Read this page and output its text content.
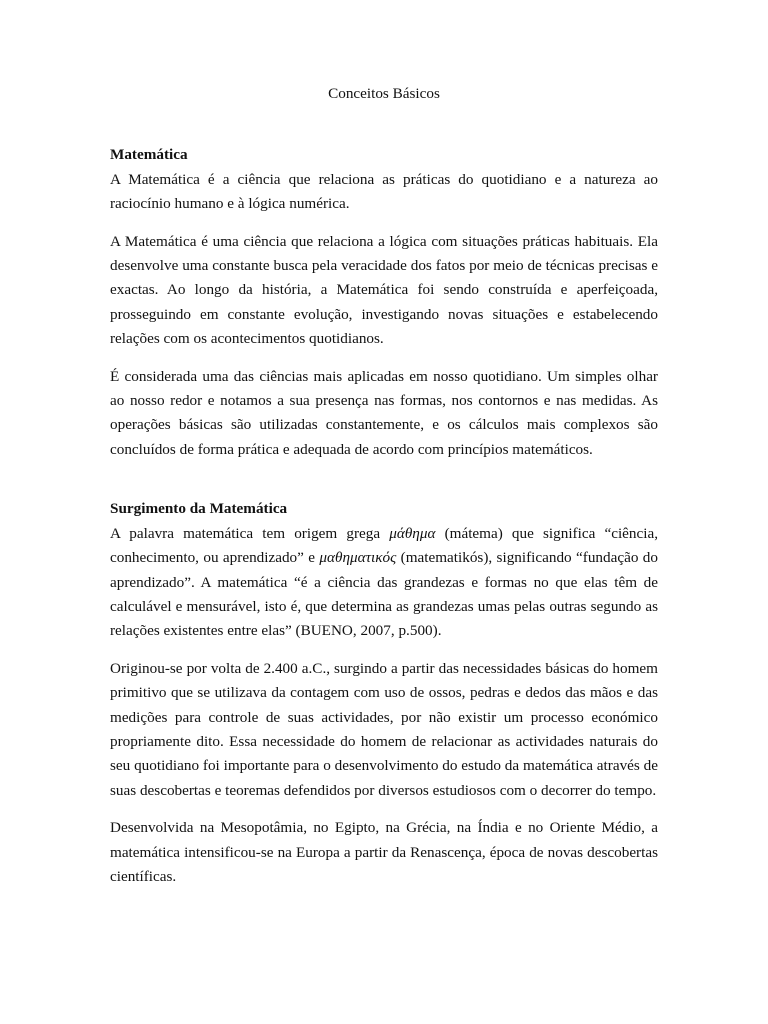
Conceitos Básicos
Matemática

A Matemática é a ciência que relaciona as práticas do quotidiano e a natureza ao raciocínio humano e à lógica numérica.

A Matemática é uma ciência que relaciona a lógica com situações práticas habituais. Ela desenvolve uma constante busca pela veracidade dos fatos por meio de técnicas precisas e exactas. Ao longo da história, a Matemática foi sendo construída e aperfeiçoada, prosseguindo em constante evolução, investigando novas situações e estabelecendo relações com os acontecimentos quotidianos.

É considerada uma das ciências mais aplicadas em nosso quotidiano. Um simples olhar ao nosso redor e notamos a sua presença nas formas, nos contornos e nas medidas. As operações básicas são utilizadas constantemente, e os cálculos mais complexos são concluídos de forma prática e adequada de acordo com princípios matemáticos.

Surgimento da Matemática

A palavra matemática tem origem grega μάθημα (mátema) que significa “ciência, conhecimento, ou aprendizado” e μαθηματικός (matematikós), significando “fundação do aprendizado”. A matemática “é a ciência das grandezas e formas no que elas têm de calculável e mensurável, isto é, que determina as grandezas umas pelas outras segundo as relações existentes entre elas” (BUENO, 2007, p.500).

Originou-se por volta de 2.400 a.C., surgindo a partir das necessidades básicas do homem primitivo que se utilizava da contagem com uso de ossos, pedras e dedos das mãos e das medições para controle de suas actividades, por não existir um processo económico propriamente dito. Essa necessidade do homem de relacionar as actividades naturais do seu quotidiano foi importante para o desenvolvimento do estudo da matemática através de suas descobertas e teoremas defendidos por diversos estudiosos com o decorrer do tempo.

Desenvolvida na Mesopotâmia, no Egipto, na Grécia, na Índia e no Oriente Médio, a matemática intensificou-se na Europa a partir da Renascença, época de novas descobertas científicas.
